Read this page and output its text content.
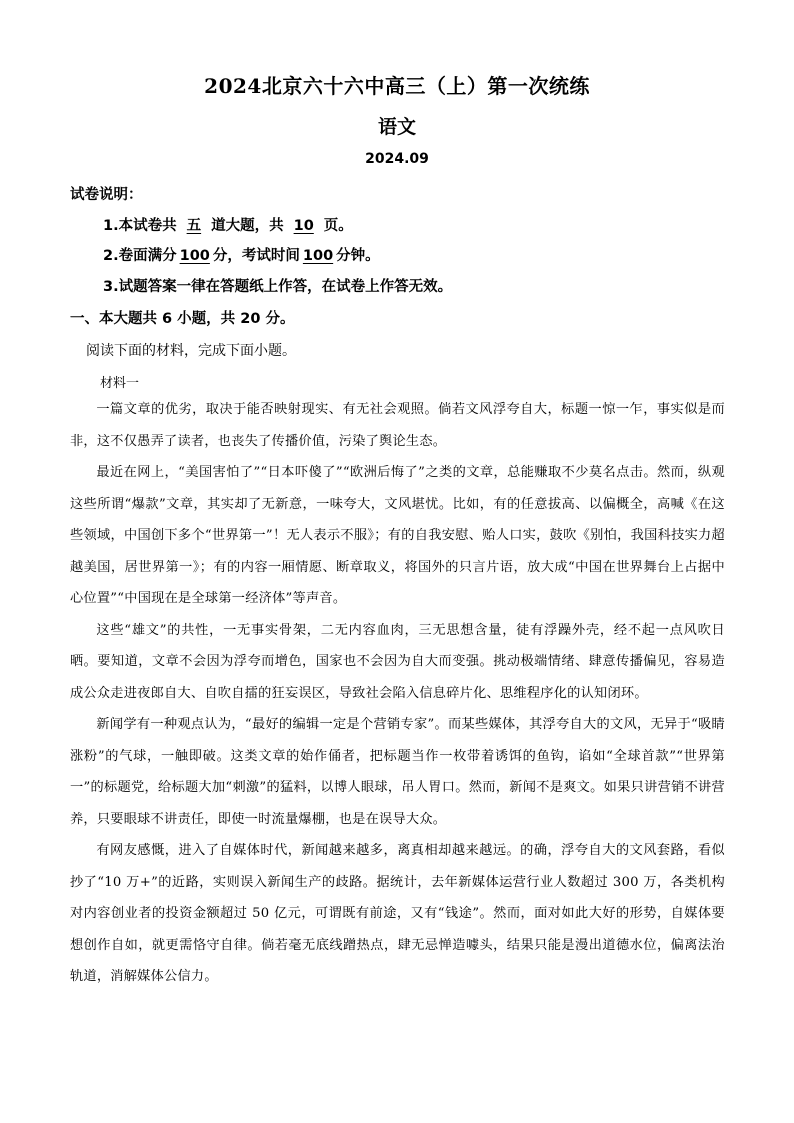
2024北京六十六中高三（上）第一次统练
语文
2024.09
试卷说明：
1.本试卷共 五 道大题，共 10 页。
2.卷面满分 100 分，考试时间 100 分钟。
3.试题答案一律在答题纸上作答，在试卷上作答无效。
一、本大题共 6 小题，共 20 分。
阅读下面的材料，完成下面小题。
材料一

一篇文章的优劣，取决于能否映射现实、有无社会观照。倘若文风浮夸自大，标题一惊一乍，事实似是而非，这不仅愚弄了读者，也丧失了传播价值，污染了舆论生态。

最近在网上，“美国害怕了”“日本吓傻了”“欧洲后悔了”之类的文章，总能赚取不少莫名点击。然而，纵观这些所谓“爆款”文章，其实却了无新意，一味夸大，文风堪忧。比如，有的任意拔高、以偏概全，高喊《在这些领域，中国创下多个“世界第一”！无人表示不服》；有的自我安慰、贻人口实，鼓吹《别怕，我国科技实力超越美国，居世界第一》；有的内容一厢情愿、断章取义，将国外的只言片语，放大成“中国在世界舞台上占据中心位置”“中国现在是全球第一经济体”等声音。

这些“雄文”的共性，一无事实骨架，二无内容血肉，三无思想含量，徒有浮躁外壳，经不起一点风吹日晒。要知道，文章不会因为浮夸而增色，国家也不会因为自大而变强。挑动极端情绪、肆意传播偏见，容易造成公众走进夜郎自大、自吹自擂的狂妄误区，导致社会陷入信息碎片化、思维程序化的认知闭环。

新闻学有一种观点认为，“最好的编辑一定是个营销专家”。而某些媒体，其浮夸自大的文风，无异于“吸睛涨粉”的气球，一触即破。这类文章的始作俑者，把标题当作一枚带着诱饵的鱼钩，谄如“全球首款”“世界第一”的标题党，给标题大加“刺激”的猛料，以博人眼球，吊人胃口。然而，新闻不是爽文。如果只讲营销不讲营养，只要眼球不讲责任，即使一时流量爆棚，也是在误导大众。

有网友感慨，进入了自媒体时代，新闻越来越多，离真相却越来越远。的确，浮夸自大的文风套路，看似抄了“10 万+”的近路，实则误入新闻生产的歧路。据统计，去年新媒体运营行业人数超过 300 万，各类机构对内容创业者的投资金额超过 50 亿元，可谓既有前途，又有“钱途”。然而，面对如此大好的形势，自媒体要想创作自如，就更需恪守自律。倘若毫无底线蹭热点，肆无忌惮造噱头，结果只能是漫出道德水位，偏离法治轨道，消解媒体公信力。
